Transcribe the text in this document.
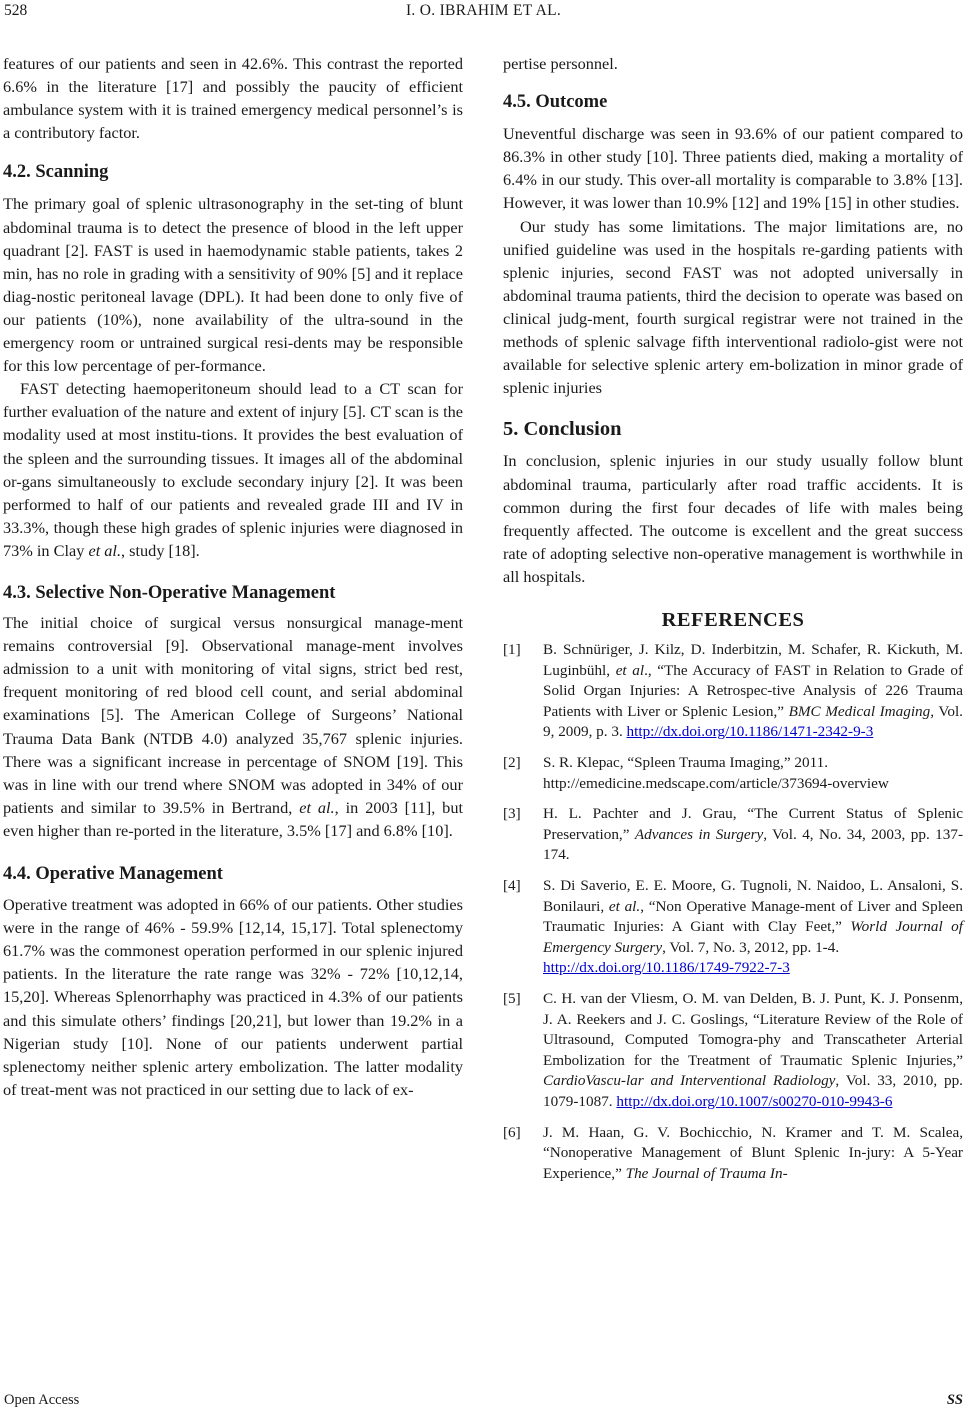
528	I. O. IBRAHIM ET AL.

features of our patients and seen in 42.6%. This contrast the reported 6.6% in the literature [17] and possibly the paucity of efficient ambulance system with it is trained emergency medical personnel’s is a contributory factor.

4.2. Scanning

The primary goal of splenic ultrasonography in the set-ting of blunt abdominal trauma is to detect the presence of blood in the left upper quadrant [2]. FAST is used in haemodynamic stable patients, takes 2 min, has no role in grading with a sensitivity of 90% [5] and it replace diag-nostic peritoneal lavage (DPL). It had been done to only five of our patients (10%), none availability of the ultra-sound in the emergency room or untrained surgical resi-dents may be responsible for this low percentage of per-formance.

FAST detecting haemoperitoneum should lead to a CT scan for further evaluation of the nature and extent of injury [5]. CT scan is the modality used at most institu-tions. It provides the best evaluation of the spleen and the surrounding tissues. It images all of the abdominal or-gans simultaneously to exclude secondary injury [2]. It was been performed to half of our patients and revealed grade III and IV in 33.3%, though these high grades of splenic injuries were diagnosed in 73% in Clay et al., study [18].

4.3. Selective Non-Operative Management

The initial choice of surgical versus nonsurgical manage-ment remains controversial [9]. Observational manage-ment involves admission to a unit with monitoring of vital signs, strict bed rest, frequent monitoring of red blood cell count, and serial abdominal examinations [5]. The American College of Surgeons’ National Trauma Data Bank (NTDB 4.0) analyzed 35,767 splenic injuries. There was a significant increase in percentage of SNOM [19]. This was in line with our trend where SNOM was adopted in 34% of our patients and similar to 39.5% in Bertrand, et al., in 2003 [11], but even higher than re-ported in the literature, 3.5% [17] and 6.8% [10].

4.4. Operative Management

Operative treatment was adopted in 66% of our patients. Other studies were in the range of 46% - 59.9% [12,14, 15,17]. Total splenectomy 61.7% was the commonest operation performed in our splenic injured patients. In the literature the rate range was 32% - 72% [10,12,14, 15,20]. Whereas Splenorrhaphy was practiced in 4.3% of our patients and this simulate others’ findings [20,21], but lower than 19.2% in a Nigerian study [10]. None of our patients underwent partial splenectomy neither splenic artery embolization. The latter modality of treat-ment was not practiced in our setting due to lack of ex-

pertise personnel.

4.5. Outcome

Uneventful discharge was seen in 93.6% of our patient compared to 86.3% in other study [10]. Three patients died, making a mortality of 6.4% in our study. This over-all mortality is comparable to 3.8% [13]. However, it was lower than 10.9% [12] and 19% [15] in other studies.

Our study has some limitations. The major limitations are, no unified guideline was used in the hospitals re-garding patients with splenic injuries, second FAST was not adopted universally in abdominal trauma patients, third the decision to operate was based on clinical judg-ment, fourth surgical registrar were not trained in the methods of splenic salvage fifth interventional radiolo-gist were not available for selective splenic artery em-bolization in minor grade of splenic injuries

5. Conclusion

In conclusion, splenic injuries in our study usually follow blunt abdominal trauma, particularly after road traffic accidents. It is common during the first four decades of life with males being frequently affected. The outcome is excellent and the great success rate of adopting selective non-operative management is worthwhile in all hospitals.

REFERENCES
[1] B. Schnüriger, J. Kilz, D. Inderbitzin, M. Schafer, R. Kickuth, M. Luginbühl, et al., “The Accuracy of FAST in Relation to Grade of Solid Organ Injuries: A Retrospec-tive Analysis of 226 Trauma Patients with Liver or Splenic Lesion,” BMC Medical Imaging, Vol. 9, 2009, p. 3. http://dx.doi.org/10.1186/1471-2342-9-3
[2] S. R. Klepac, “Spleen Trauma Imaging,” 2011.
http://emedicine.medscape.com/article/373694-overview
[3] H. L. Pachter and J. Grau, “The Current Status of Splenic Preservation,” Advances in Surgery, Vol. 4, No. 34, 2003, pp. 137-174.
[4] S. Di Saverio, E. E. Moore, G. Tugnoli, N. Naidoo, L. Ansaloni, S. Bonilauri, et al., “Non Operative Manage-ment of Liver and Spleen Traumatic Injuries: A Giant with Clay Feet,” World Journal of Emergency Surgery, Vol. 7, No. 3, 2012, pp. 1-4.
http://dx.doi.org/10.1186/1749-7922-7-3
[5] C. H. van der Vliesm, O. M. van Delden, B. J. Punt, K. J. Ponsenm, J. A. Reekers and J. C. Goslings, “Literature Review of the Role of Ultrasound, Computed Tomogra-phy and Transcatheter Arterial Embolization for the Treatment of Traumatic Splenic Injuries,” CardioVascu-lar and Interventional Radiology, Vol. 33, 2010, pp. 1079-1087. http://dx.doi.org/10.1007/s00270-010-9943-6
[6] J. M. Haan, G. V. Bochicchio, N. Kramer and T. M. Scalea, “Nonoperative Management of Blunt Splenic In-jury: A 5-Year Experience,” The Journal of Trauma In-
Open Access	SS
